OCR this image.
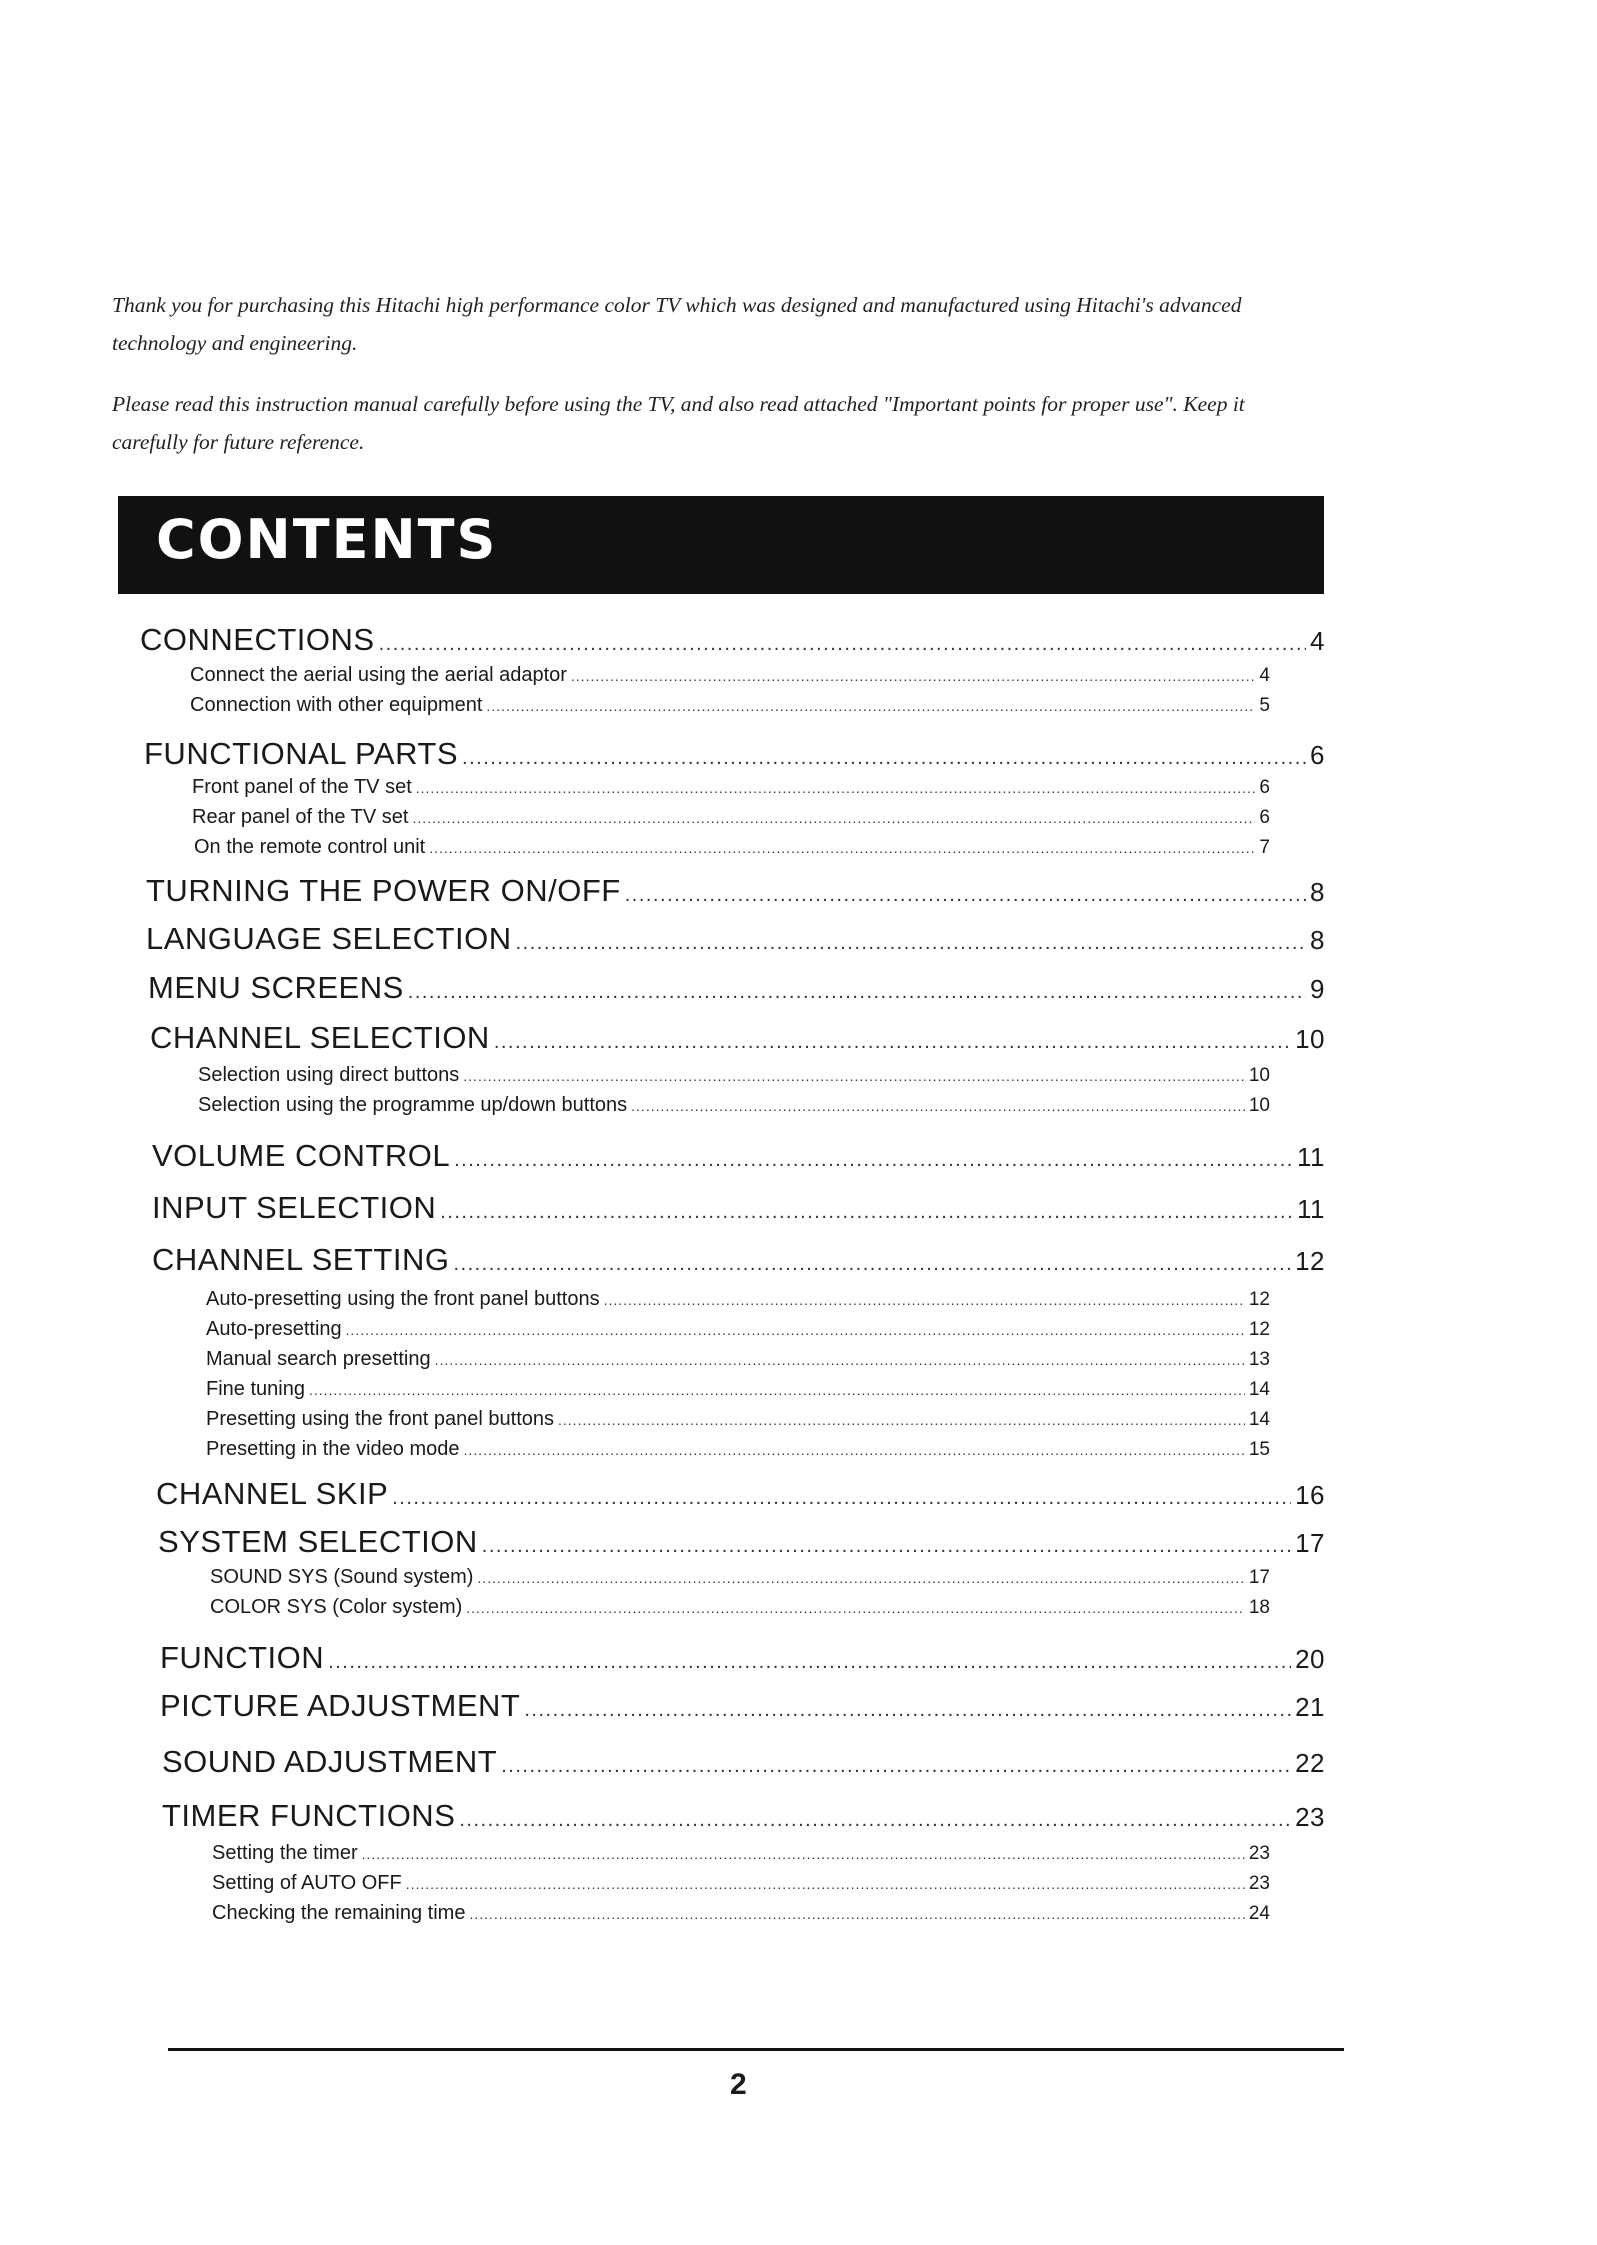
Thank you for purchasing this Hitachi high performance color TV which was designed and manufactured using Hitachi's advanced technology and engineering.

Please read this instruction manual carefully before using the TV, and also read attached "Important points for proper use". Keep it carefully for future reference.

CONTENTS
CONNECTIONS .....	4
Connect the aerial using the aerial adaptor .....	4
Connection with other equipment .....	5
FUNCTIONAL PARTS .....	6
Front panel of the TV set .....	6
Rear panel of the TV set .....	6
On the remote control unit .....	7
TURNING THE POWER ON/OFF .....	8
LANGUAGE SELECTION .....	8
MENU SCREENS .....	9
CHANNEL SELECTION .....	10
Selection using direct buttons .....	10
Selection using the programme up/down buttons .....	10
VOLUME CONTROL .....	11
INPUT SELECTION .....	11
CHANNEL SETTING .....	12
Auto-presetting using the front panel buttons .....	12
Auto-presetting .....	12
Manual search presetting .....	13
Fine tuning .....	14
Presetting using the front panel buttons .....	14
Presetting in the video mode .....	15
CHANNEL SKIP .....	16
SYSTEM SELECTION .....	17
SOUND SYS (Sound system) .....	17
COLOR SYS (Color system) .....	18
FUNCTION .....	20
PICTURE ADJUSTMENT .....	21
SOUND ADJUSTMENT .....	22
TIMER FUNCTIONS .....	23
Setting the timer .....	23
Setting of AUTO OFF .....	23
Checking the remaining time .....	24
2
